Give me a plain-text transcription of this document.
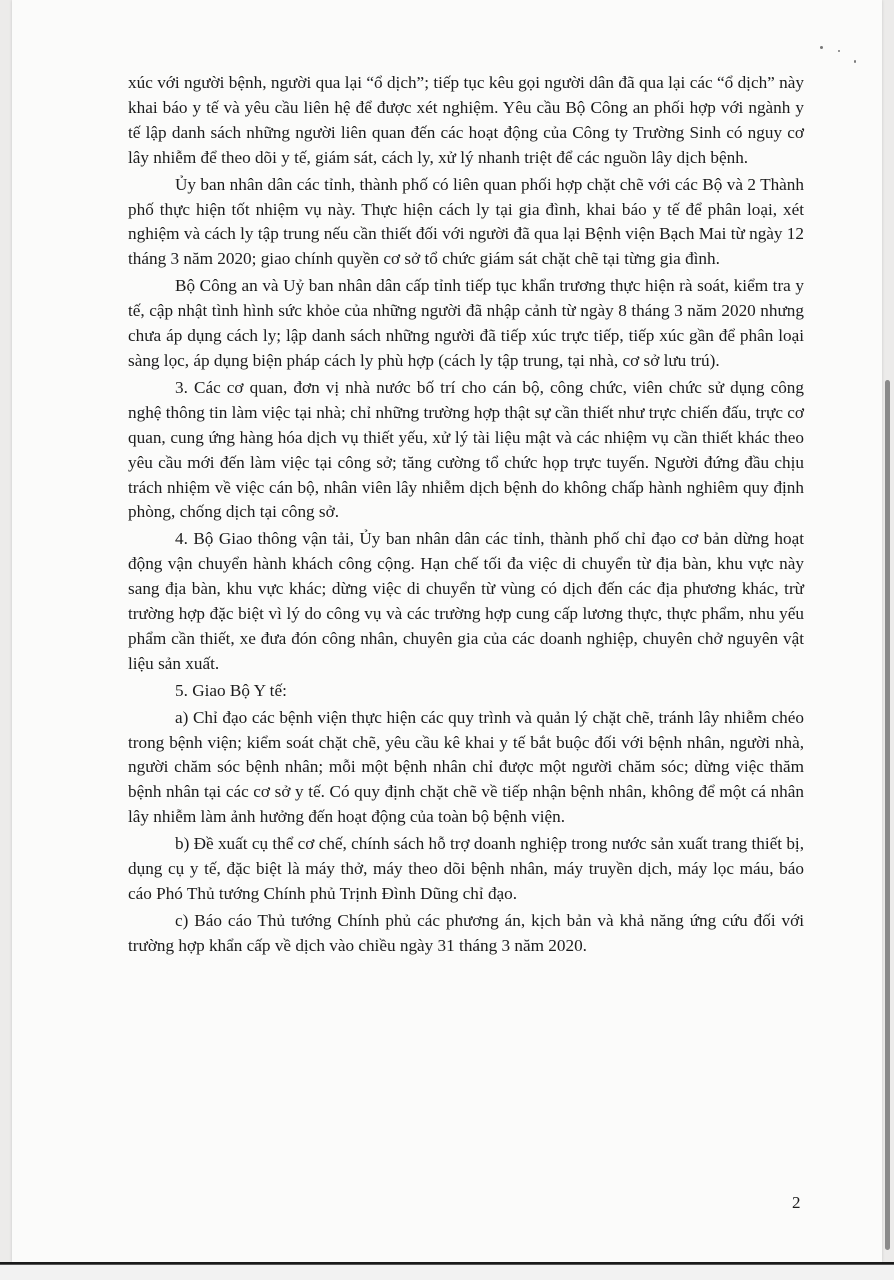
xúc với người bệnh, người qua lại “ổ dịch”; tiếp tục kêu gọi người dân đã qua lại các “ổ dịch” này khai báo y tế và yêu cầu liên hệ để được xét nghiệm. Yêu cầu Bộ Công an phối hợp với ngành y tế lập danh sách những người liên quan đến các hoạt động của Công ty Trường Sinh có nguy cơ lây nhiễm để theo dõi y tế, giám sát, cách ly, xử lý nhanh triệt để các nguồn lây dịch bệnh.

Ủy ban nhân dân các tỉnh, thành phố có liên quan phối hợp chặt chẽ với các Bộ và 2 Thành phố thực hiện tốt nhiệm vụ này. Thực hiện cách ly tại gia đình, khai báo y tế để phân loại, xét nghiệm và cách ly tập trung nếu cần thiết đối với người đã qua lại Bệnh viện Bạch Mai từ ngày 12 tháng 3 năm 2020; giao chính quyền cơ sở tổ chức giám sát chặt chẽ tại từng gia đình.

Bộ Công an và Uỷ ban nhân dân cấp tỉnh tiếp tục khẩn trương thực hiện rà soát, kiểm tra y tế, cập nhật tình hình sức khỏe của những người đã nhập cảnh từ ngày 8 tháng 3 năm 2020 nhưng chưa áp dụng cách ly; lập danh sách những người đã tiếp xúc trực tiếp, tiếp xúc gần để phân loại sàng lọc, áp dụng biện pháp cách ly phù hợp (cách ly tập trung, tại nhà, cơ sở lưu trú).

3. Các cơ quan, đơn vị nhà nước bố trí cho cán bộ, công chức, viên chức sử dụng công nghệ thông tin làm việc tại nhà; chỉ những trường hợp thật sự cần thiết như trực chiến đấu, trực cơ quan, cung ứng hàng hóa dịch vụ thiết yếu, xử lý tài liệu mật và các nhiệm vụ cần thiết khác theo yêu cầu mới đến làm việc tại công sở; tăng cường tổ chức họp trực tuyến. Người đứng đầu chịu trách nhiệm về việc cán bộ, nhân viên lây nhiễm dịch bệnh do không chấp hành nghiêm quy định phòng, chống dịch tại công sở.

4. Bộ Giao thông vận tải, Ủy ban nhân dân các tỉnh, thành phố chỉ đạo cơ bản dừng hoạt động vận chuyển hành khách công cộng. Hạn chế tối đa việc di chuyển từ địa bàn, khu vực này sang địa bàn, khu vực khác; dừng việc di chuyển từ vùng có dịch đến các địa phương khác, trừ trường hợp đặc biệt vì lý do công vụ và các trường hợp cung cấp lương thực, thực phẩm, nhu yếu phẩm cần thiết, xe đưa đón công nhân, chuyên gia của các doanh nghiệp, chuyên chở nguyên vật liệu sản xuất.

5. Giao Bộ Y tế:

a) Chỉ đạo các bệnh viện thực hiện các quy trình và quản lý chặt chẽ, tránh lây nhiễm chéo trong bệnh viện; kiểm soát chặt chẽ, yêu cầu kê khai y tế bắt buộc đối với bệnh nhân, người nhà, người chăm sóc bệnh nhân; mỗi một bệnh nhân chỉ được một người chăm sóc; dừng việc thăm bệnh nhân tại các cơ sở y tế. Có quy định chặt chẽ về tiếp nhận bệnh nhân, không để một cá nhân lây nhiễm làm ảnh hưởng đến hoạt động của toàn bộ bệnh viện.

b) Đề xuất cụ thể cơ chế, chính sách hỗ trợ doanh nghiệp trong nước sản xuất trang thiết bị, dụng cụ y tế, đặc biệt là máy thở, máy theo dõi bệnh nhân, máy truyền dịch, máy lọc máu, báo cáo Phó Thủ tướng Chính phủ Trịnh Đình Dũng chỉ đạo.

c) Báo cáo Thủ tướng Chính phủ các phương án, kịch bản và khả năng ứng cứu đối với trường hợp khẩn cấp về dịch vào chiều ngày 31 tháng 3 năm 2020.

2
